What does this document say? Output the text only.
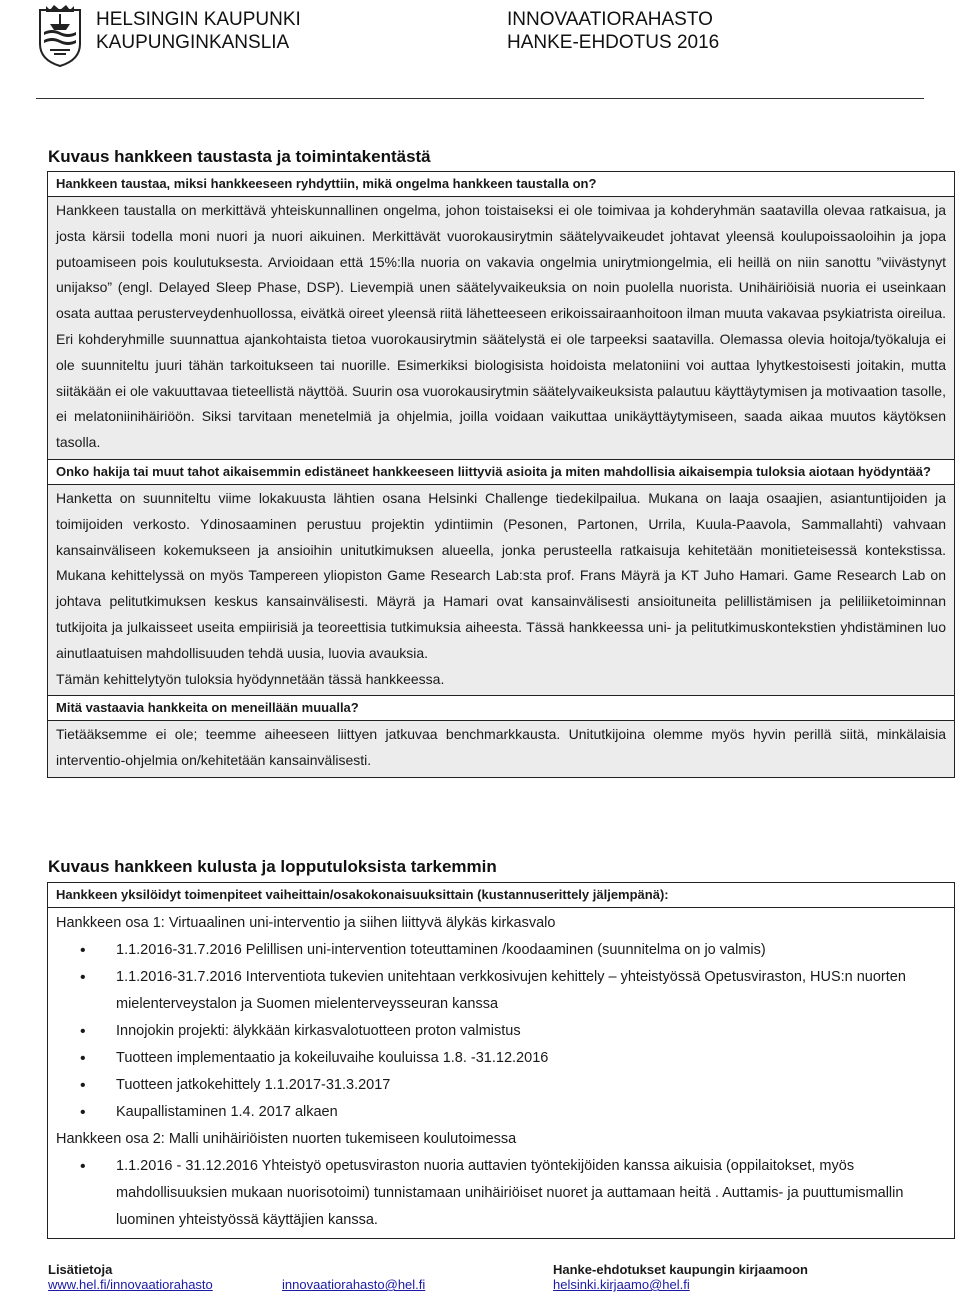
HELSINGIN KAUPUNKI
KAUPUNGINKANSLIA
INNOVAATIORAHASTO
HANKE-EHDOTUS 2016
Kuvaus hankkeen taustasta ja toimintakentästä
Hankkeen taustaa, miksi hankkeeseen ryhdyttiin, mikä ongelma hankkeen taustalla on?

Hankkeen taustalla on merkittävä yhteiskunnallinen ongelma, johon toistaiseksi ei ole toimivaa ja kohderyhmän saatavilla olevaa ratkaisua, ja josta kärsii todella moni nuori ja nuori aikuinen. Merkittävät vuorokausirytmin säätelyvaikeudet johtavat yleensä koulupoissaoloihin ja jopa putoamiseen pois koulutuksesta. Arvioidaan että 15%:lla nuoria on vakavia ongelmia unirytmiongelmia, eli heillä on niin sanottu ”viivästynyt unijakso” (engl. Delayed Sleep Phase, DSP). Lievempiä unen säätelyvaikeuksia on noin puolella nuorista. Unihäiriöisiä nuoria ei useinkaan osata auttaa perusterveydenhuollossa, eivätkä oireet yleensä riitä lähetteeseen erikoissairaanhoitoon ilman muuta vakavaa psykiatrista oireilua. Eri kohderyhmille suunnattua ajankohtaista tietoa vuorokausirytmin säätelystä ei ole tarpeeksi saatavilla. Olemassa olevia hoitoja/työkaluja ei ole suunniteltu juuri tähän tarkoitukseen tai nuorille. Esimerkiksi biologisista hoidoista melatoniini voi auttaa lyhytkestoisesti joitakin, mutta siitäkään ei ole vakuuttavaa tieteellistä näyttöä. Suurin osa vuorokausirytmin säätelyvaikeuksista palautuu käyttäytymisen ja motivaation tasolle, ei melatoniinihäiriöön. Siksi tarvitaan menetelmiä ja ohjelmia, joilla voidaan vaikuttaa unikäyttäytymiseen, saada aikaa muutos käytöksen tasolla.

Onko hakija tai muut tahot aikaisemmin edistäneet hankkeeseen liittyviä asioita ja miten mahdollisia aikaisempia tuloksia aiotaan hyödyntää?

Hanketta on suunniteltu viime lokakuusta lähtien osana Helsinki Challenge tiedekilpailua. Mukana on laaja osaajien, asiantuntijoiden ja toimijoiden verkosto. Ydinosaaminen perustuu projektin ydintiimin (Pesonen, Partonen, Urrila, Kuula-Paavola, Sammallahti) vahvaan kansainväliseen kokemukseen ja ansioihin unitutkimuksen alueella, jonka perusteella ratkaisuja kehitetään monitieteisessä kontekstissa. Mukana kehittelyssä on myös Tampereen yliopiston Game Research Lab:sta prof. Frans Mäyrä ja KT Juho Hamari. Game Research Lab on johtava pelitutkimuksen keskus kansainvälisesti. Mäyrä ja Hamari ovat kansainvälisesti ansioituneita pelillistämisen ja peliliiketoiminnan tutkijoita ja julkaisseet useita empiirisiä ja teoreettisia tutkimuksia aiheesta. Tässä hankkeessa uni- ja pelitutkimuskontekstien yhdistäminen luo ainutlaatuisen mahdollisuuden tehdä uusia, luovia avauksia.

Tämän kehittelytyön tuloksia hyödynnetään tässä hankkeessa.

Mitä vastaavia hankkeita on meneillään muualla?

Tietääksemme ei ole; teemme aiheeseen liittyen jatkuvaa benchmarkkausta. Unitutkijoina olemme myös hyvin perillä siitä, minkälaisia interventio-ohjelmia on/kehitetään kansainvälisesti.

Kuvaus hankkeen kulusta ja lopputuloksista tarkemmin
Hankkeen yksilöidyt toimenpiteet vaiheittain/osakokonaisuuksittain (kustannuserittely jäljempänä):

Hankkeen osa 1: Virtuaalinen uni-interventio ja siihen liittyvä älykäs kirkasvalo

• 1.1.2016-31.7.2016 Pelillisen uni-intervention toteuttaminen /koodaaminen (suunnitelma on jo valmis)
• 1.1.2016-31.7.2016 Interventiota tukevien unitehtaan verkkosivujen kehittely – yhteistyössä Opetusviraston, HUS:n nuorten mielenterveystalon ja Suomen mielenterveysseuran kanssa
• Innojokin projekti: älykkään kirkasvalotuotteen proton valmistus
• Tuotteen implementaatio ja kokeiluvaihe kouluissa 1.8. -31.12.2016
• Tuotteen jatkokehittely 1.1.2017-31.3.2017
• Kaupallistaminen 1.4. 2017 alkaen

Hankkeen osa 2: Malli unihäiriöisten nuorten tukemiseen koulutoimessa

• 1.1.2016 - 31.12.2016 Yhteistyö opetusviraston nuoria auttavien työntekijöiden kanssa aikuisia (oppilaitokset, myös mahdollisuuksien mukaan nuorisotoimi) tunnistamaan unihäiriöiset nuoret ja auttamaan heitä . Auttamis- ja puuttumismallin luominen yhteistyössä käyttäjien kanssa.
Lisätietoja
www.hel.fi/innovaatiorahasto	innovaatiorahasto@hel.fi
Hanke-ehdotukset kaupungin kirjaamoon
helsinki.kirjaamo@hel.fi
